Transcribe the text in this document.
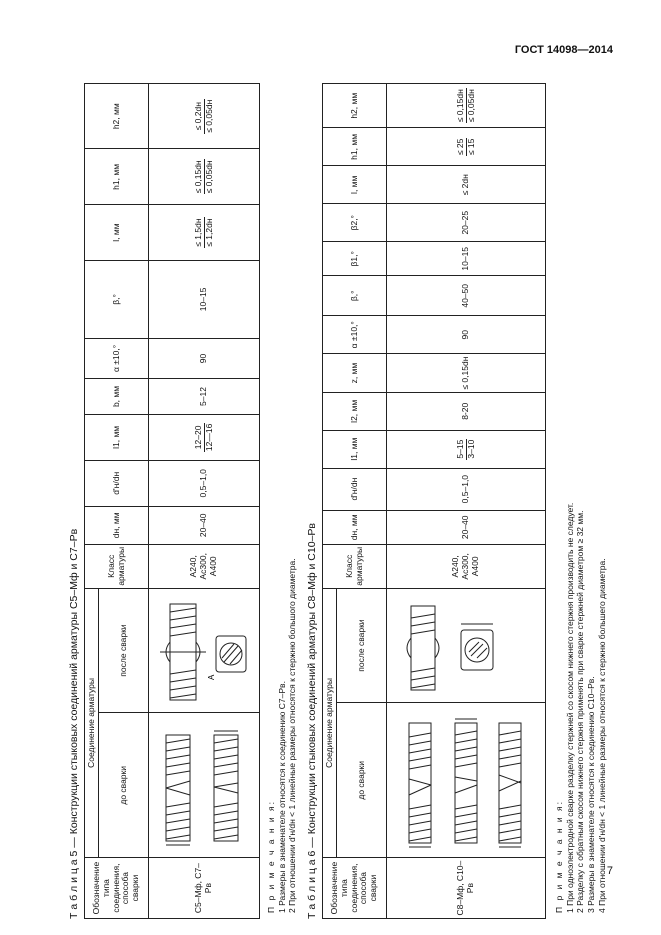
ГОСТ 14098—2014
Т а б л и ц а 5 — Конструкции стыковых соединений арматуры С5–Мф и С7–Рв Обозначение типа соединения, способа сварки	Соединение арматуры		Класс арматуры	dн, мм	d'н/dн	l1, мм	b, мм	α ±10,°	β,°	l, мм	h1, мм	h2, мм
	до сварки	после сварки										
С5–Мф, С7–Рв		А	А240, Ас300, А400	20–40	0,5–1,0	12–20 12—16	5–12	90	10–15	≤ 1,5dн ≤ 1,2dн	≤ 0,15dн ≤ 0,05dн	≤ 0,2dн ≤ 0,05dн
П р и м е ч а н и я: 1 Размеры в знаменателе относятся к соединению С7–Рв. 2 При отношении d'н/dн < 1 линейные размеры относятся к стержню большого диаметра. Т а б л и ц а 6 — Конструкции стыковых соединений арматуры С8–Мф и С10–Рв Обозначение типа соединения, способа сварки	Соединение арматуры		Класс арматуры	dн, мм	d'н/dн	l1, мм	l2, мм	z, мм	α ±10,°	β,°	β1,°	β2,°	l, мм	h1, мм	h2, мм
	до сварки	после сварки													
С8–Мф, С10–Рв			А240, Ас300, А400	20–40	0,5–1,0	5–15 3–10	8-20	≤ 0,15dн	90	40–50	10–15	20–25	≤ 2dн	≤ 25 ≤ 15	≤ 0,15dн ≤ 0,05dн
П р и м е ч а н и я: 1 При однoэлектродной сварке разделку стержней со скосом нижнего стержня производить не следует. 2 Разделку с обратным скосом нижнего стержня применять при сварке стержней диаметром ≥ 32 мм. 3 Размеры в знаменателе относятся к соединению С10–Рв. 4 При отношении d'н/dн < 1 линейные размеры относятся к стержню большего диаметра. 7
